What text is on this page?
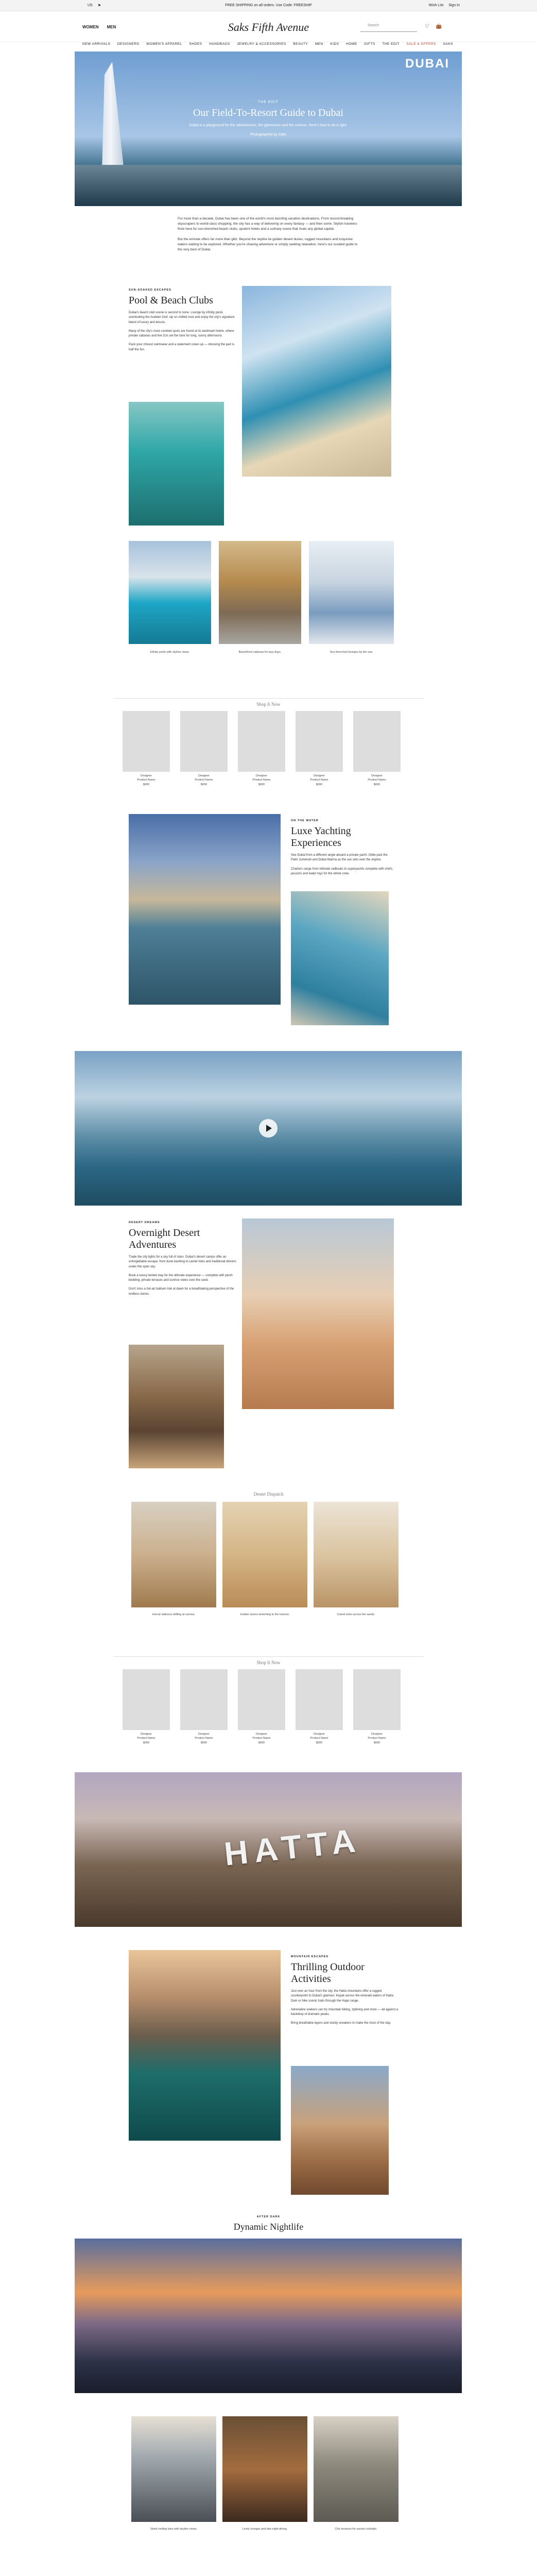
US ⚑	FREE SHIPPING on all orders. Use Code: FREESHIP	Wish List Sign In
WOMEN MEN	Saks Fifth Avenue	Search	♡ 👜
NEW ARRIVALS DESIGNERS WOMEN'S APPAREL SHOES HANDBAGS JEWELRY & ACCESSORIES BEAUTY MEN KIDS HOME GIFTS THE EDIT SALE & OFFERS SAKS
DUBAI
THE EDIT
Our Field-To-Resort Guide to Dubai
Dubai is a playground for the adventurous, the glamorous and the curious. Here's how to do it right.
Photographed by Saks

For more than a decade, Dubai has been one of the world's most dazzling vacation destinations. From record-breaking skyscrapers to world-class shopping, the city has a way of delivering on every fantasy — and then some. Stylish travelers flock here for sun-drenched beach clubs, opulent hotels and a culinary scene that rivals any global capital.

But the emirate offers far more than glitz. Beyond the skyline lie golden desert dunes, rugged mountains and turquoise waters waiting to be explored. Whether you're chasing adventure or simply seeking relaxation, here's our curated guide to the very best of Dubai.

SUN-SOAKED ESCAPES
Pool & Beach Clubs

Dubai's beach club scene is second to none. Lounge by infinity pools overlooking the Arabian Gulf, sip on chilled rosé and enjoy the city's signature blend of luxury and leisure.

Many of the city's most coveted spots are found at its landmark hotels, where private cabanas and live DJs set the tone for long, sunny afternoons.

Pack your chicest swimwear and a statement cover-up — dressing the part is half the fun.

Infinity pools with skyline views.	Beachfront cabanas for lazy days.	Sun-drenched lounges by the sea.
Shop It Now
Designer
Product Name
$000
Designer
Product Name
$000
Designer
Product Name
$000
Designer
Product Name
$000
Designer
Product Name
$000
ON THE WATER
Luxe Yachting Experiences

See Dubai from a different angle aboard a private yacht. Glide past the Palm Jumeirah and Dubai Marina as the sun sets over the skyline.

Charters range from intimate sailboats to superyachts complete with chefs, jacuzzis and water toys for the whole crew.

DESERT DREAMS
Overnight Desert Adventures

Trade the city lights for a sky full of stars. Dubai's desert camps offer an unforgettable escape, from dune bashing to camel rides and traditional dinners under the open sky.

Book a luxury tented stay for the ultimate experience — complete with plush bedding, private terraces and sunrise views over the sand.

Don't miss a hot-air balloon ride at dawn for a breathtaking perspective of the endless dunes.

Desert Dispatch
Hot-air balloons drifting at sunrise.	Golden dunes stretching to the horizon.	Camel treks across the sands.
Shop It Now
Designer
Product Name
$000
Designer
Product Name
$000
Designer
Product Name
$000
Designer
Product Name
$000
Designer
Product Name
$000
HATTA
MOUNTAIN ESCAPES
Thrilling Outdoor Activities

Just over an hour from the city, the Hatta mountains offer a rugged counterpoint to Dubai's glamour. Kayak across the emerald waters of Hatta Dam or hike scenic trails through the Hajar range.

Adrenaline seekers can try mountain biking, ziplining and more — all against a backdrop of dramatic peaks.

Bring breathable layers and sturdy sneakers to make the most of the day.

AFTER DARK
Dynamic Nightlife
Sleek rooftop bars with skyline views.	Lively lounges and late-night dining.	Chic terraces for sunset cocktails.
